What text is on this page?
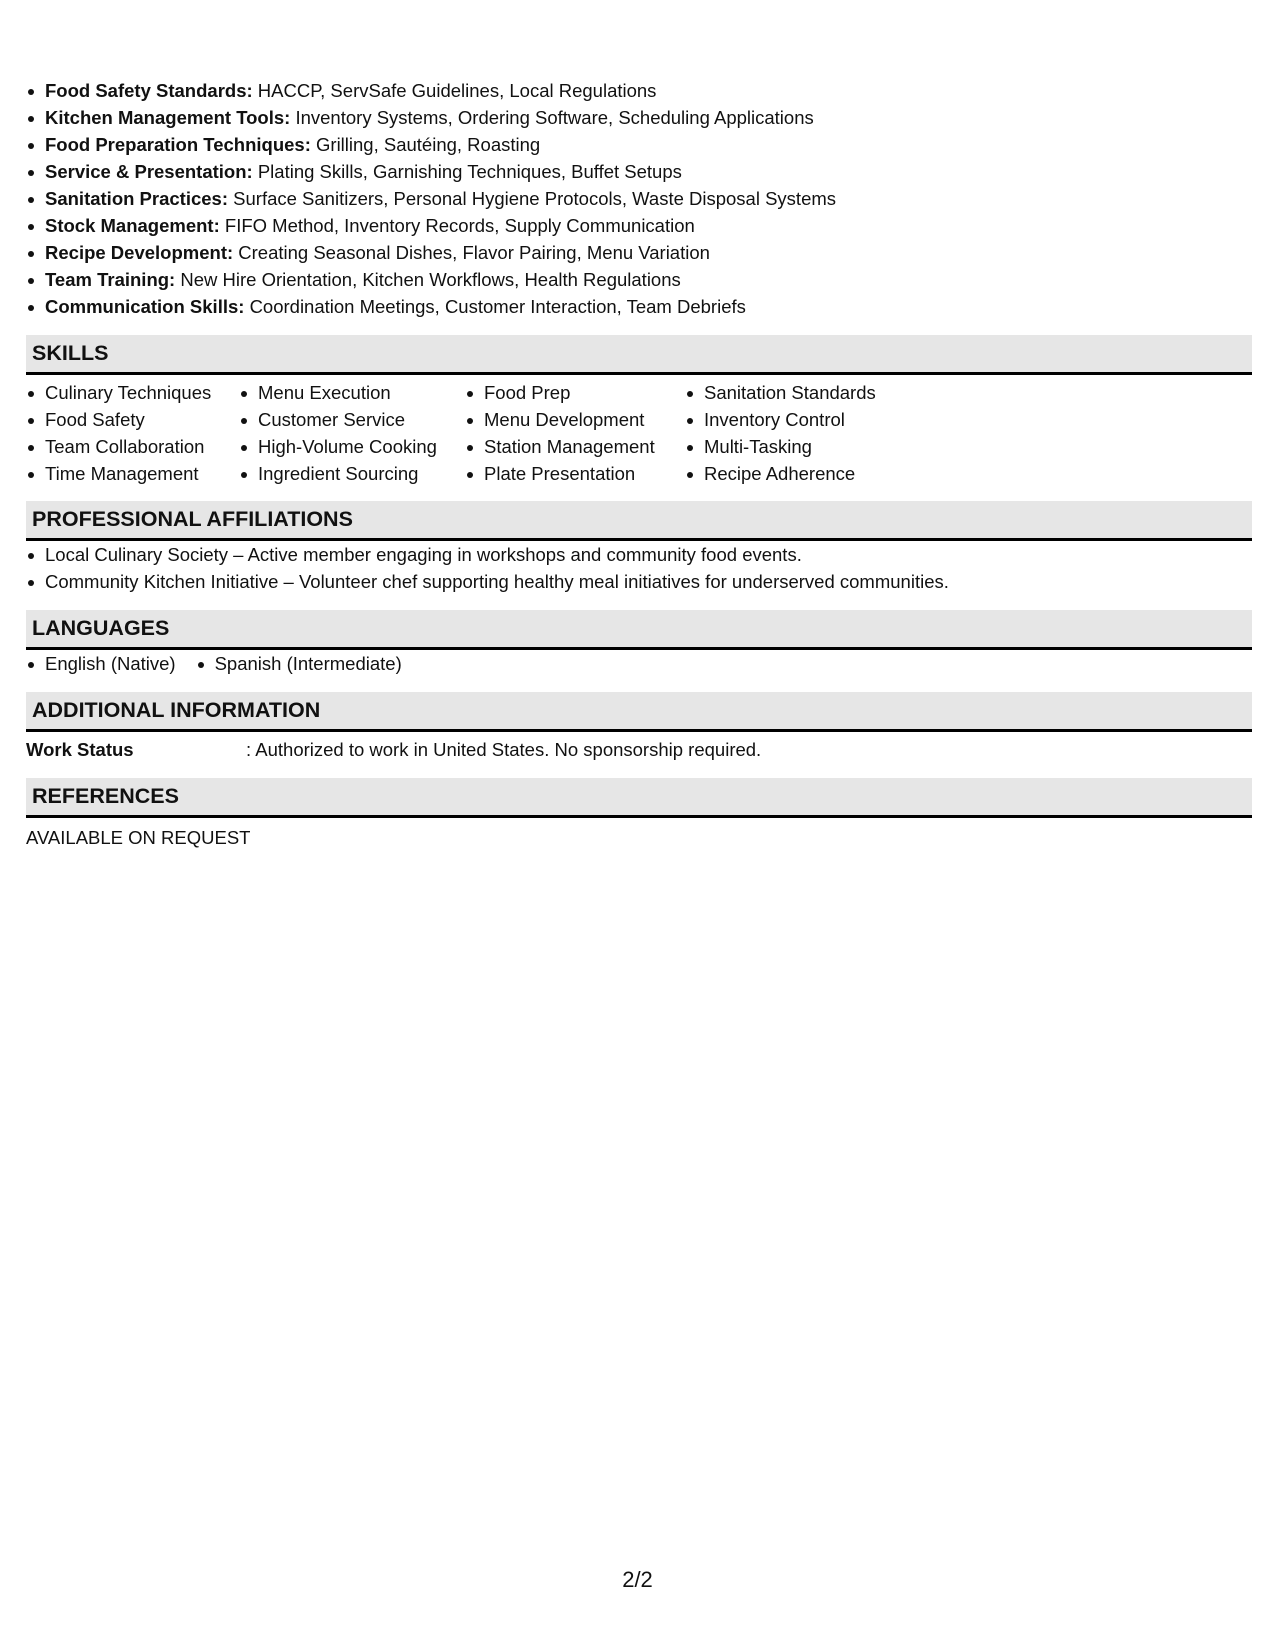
Food Safety Standards: HACCP, ServSafe Guidelines, Local Regulations
Kitchen Management Tools: Inventory Systems, Ordering Software, Scheduling Applications
Food Preparation Techniques: Grilling, Sautéing, Roasting
Service & Presentation: Plating Skills, Garnishing Techniques, Buffet Setups
Sanitation Practices: Surface Sanitizers, Personal Hygiene Protocols, Waste Disposal Systems
Stock Management: FIFO Method, Inventory Records, Supply Communication
Recipe Development: Creating Seasonal Dishes, Flavor Pairing, Menu Variation
Team Training: New Hire Orientation, Kitchen Workflows, Health Regulations
Communication Skills: Coordination Meetings, Customer Interaction, Team Debriefs
SKILLS
Culinary Techniques
Food Safety
Team Collaboration
Time Management
Menu Execution
Customer Service
High-Volume Cooking
Ingredient Sourcing
Food Prep
Menu Development
Station Management
Plate Presentation
Sanitation Standards
Inventory Control
Multi-Tasking
Recipe Adherence
PROFESSIONAL AFFILIATIONS
Local Culinary Society – Active member engaging in workshops and community food events.
Community Kitchen Initiative – Volunteer chef supporting healthy meal initiatives for underserved communities.
LANGUAGES
English (Native)	Spanish (Intermediate)
ADDITIONAL INFORMATION
Work Status	: Authorized to work in United States. No sponsorship required.
REFERENCES
AVAILABLE ON REQUEST
2/2
